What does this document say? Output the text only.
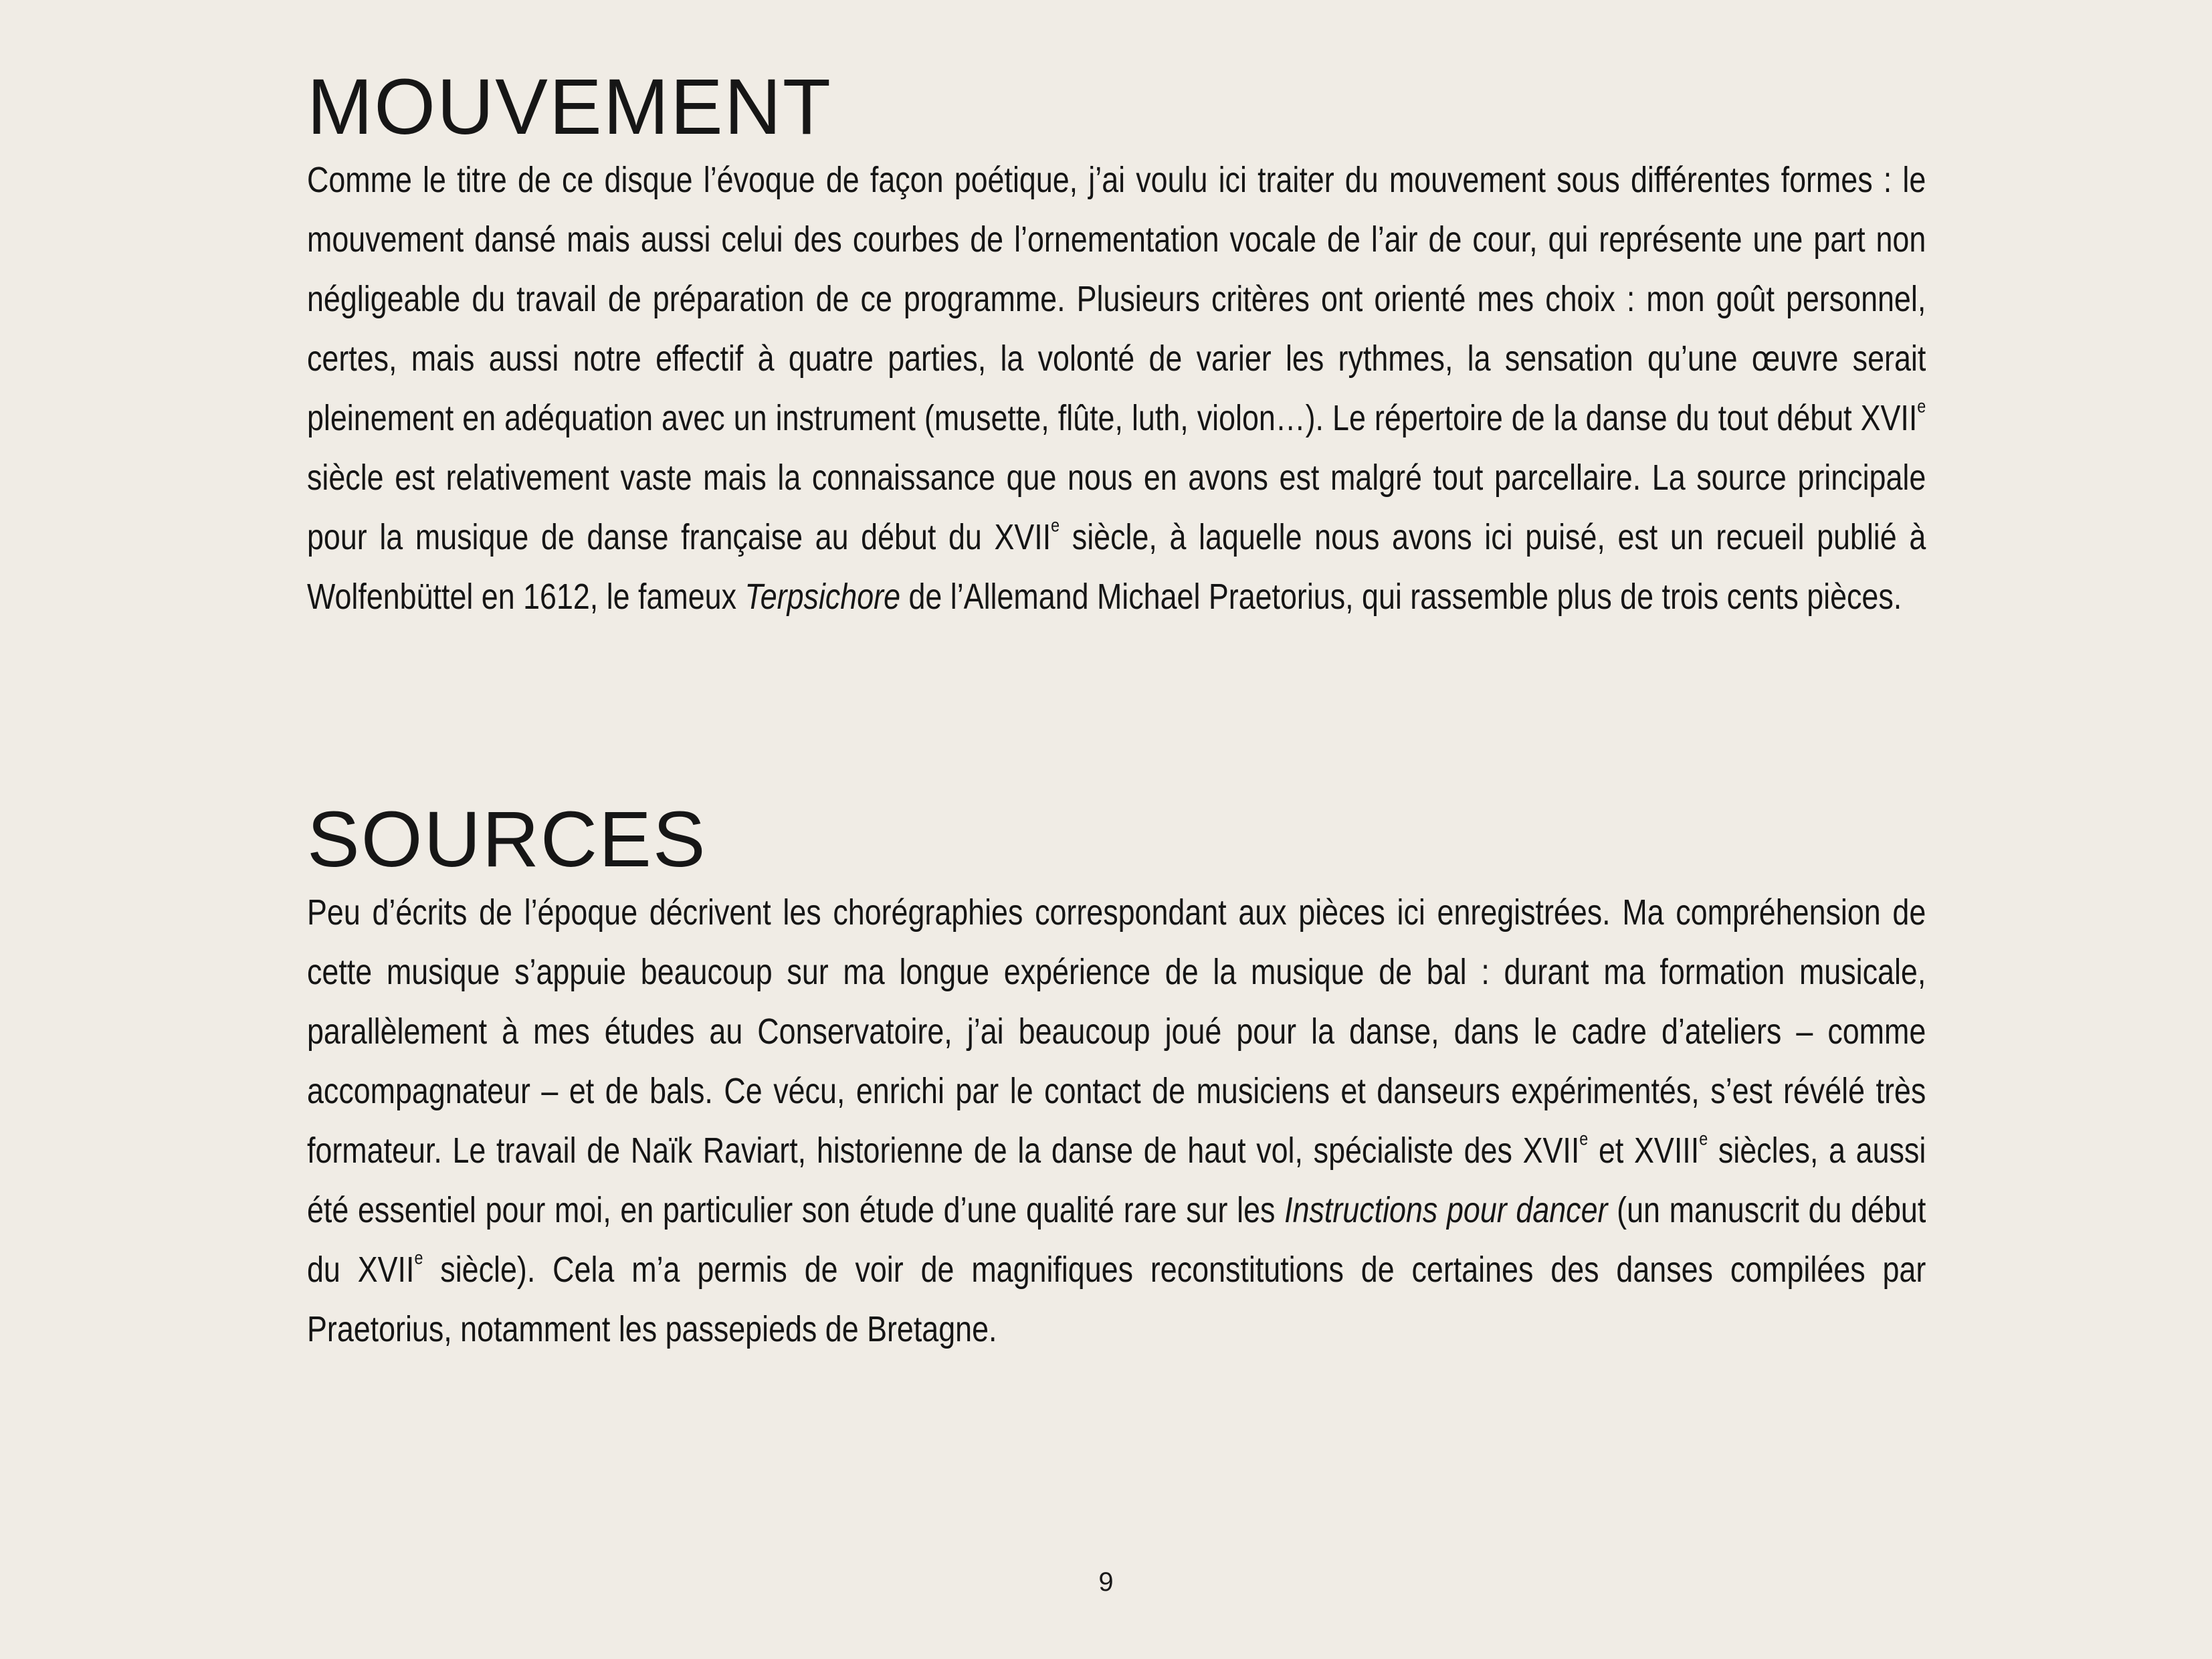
MOUVEMENT

Comme le titre de ce disque l’évoque de façon poétique, j’ai voulu ici traiter du mouvement sous différentes formes : le mouvement dansé mais aussi celui des courbes de l’ornementation vocale de l’air de cour, qui représente une part non négligeable du travail de préparation de ce programme. Plusieurs critères ont orienté mes choix : mon goût personnel, certes, mais aussi notre effectif à quatre parties, la volonté de varier les rythmes, la sensation qu’une œuvre serait pleinement en adéquation avec un instrument (musette, flûte, luth, violon…). Le répertoire de la danse du tout début XVIIe siècle est relativement vaste mais la connaissance que nous en avons est malgré tout parcellaire. La source principale pour la musique de danse française au début du XVIIe siècle, à laquelle nous avons ici puisé, est un recueil publié à Wolfenbüttel en 1612, le fameux Terpsichore de l’Allemand Michael Praetorius, qui rassemble plus de trois cents pièces.

SOURCES

Peu d’écrits de l’époque décrivent les chorégraphies correspondant aux pièces ici enregistrées. Ma compréhension de cette musique s’appuie beaucoup sur ma longue expérience de la musique de bal : durant ma formation musicale, parallèlement à mes études au Conservatoire, j’ai beaucoup joué pour la danse, dans le cadre d’ateliers – comme accompagnateur – et de bals. Ce vécu, enrichi par le contact de musiciens et danseurs expérimentés, s’est révélé très formateur. Le travail de Naïk Raviart, historienne de la danse de haut vol, spécialiste des XVIIe et XVIIIe siècles, a aussi été essentiel pour moi, en particulier son étude d’une qualité rare sur les Instructions pour dancer (un manuscrit du début du XVIIe siècle). Cela m’a permis de voir de magnifiques reconstitutions de certaines des danses compilées par Praetorius, notamment les passepieds de Bretagne.

9
